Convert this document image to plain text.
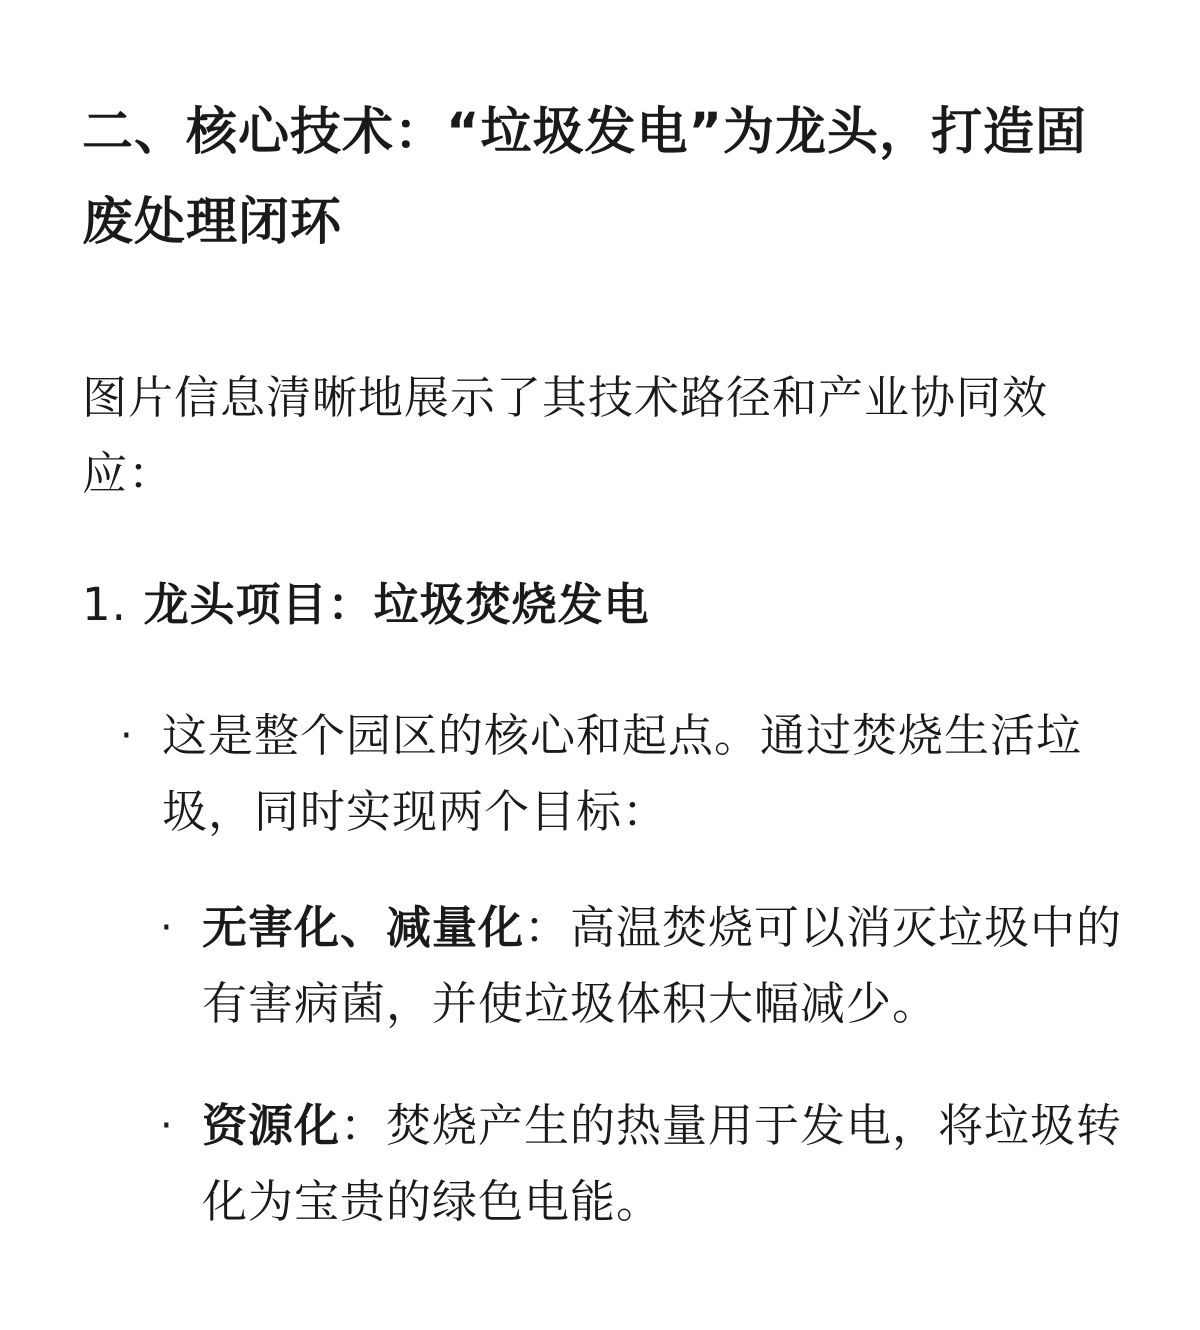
二、核心技术：“垃圾发电”为龙头，打造固废处理闭环

图片信息清晰地展示了其技术路径和产业协同效应：

1. 龙头项目：垃圾焚烧发电
· 这是整个园区的核心和起点。通过焚烧生活垃圾，同时实现两个目标：
· 无害化、减量化：高温焚烧可以消灭垃圾中的有害病菌，并使垃圾体积大幅减少。
· 资源化：焚烧产生的热量用于发电，将垃圾转化为宝贵的绿色电能。
